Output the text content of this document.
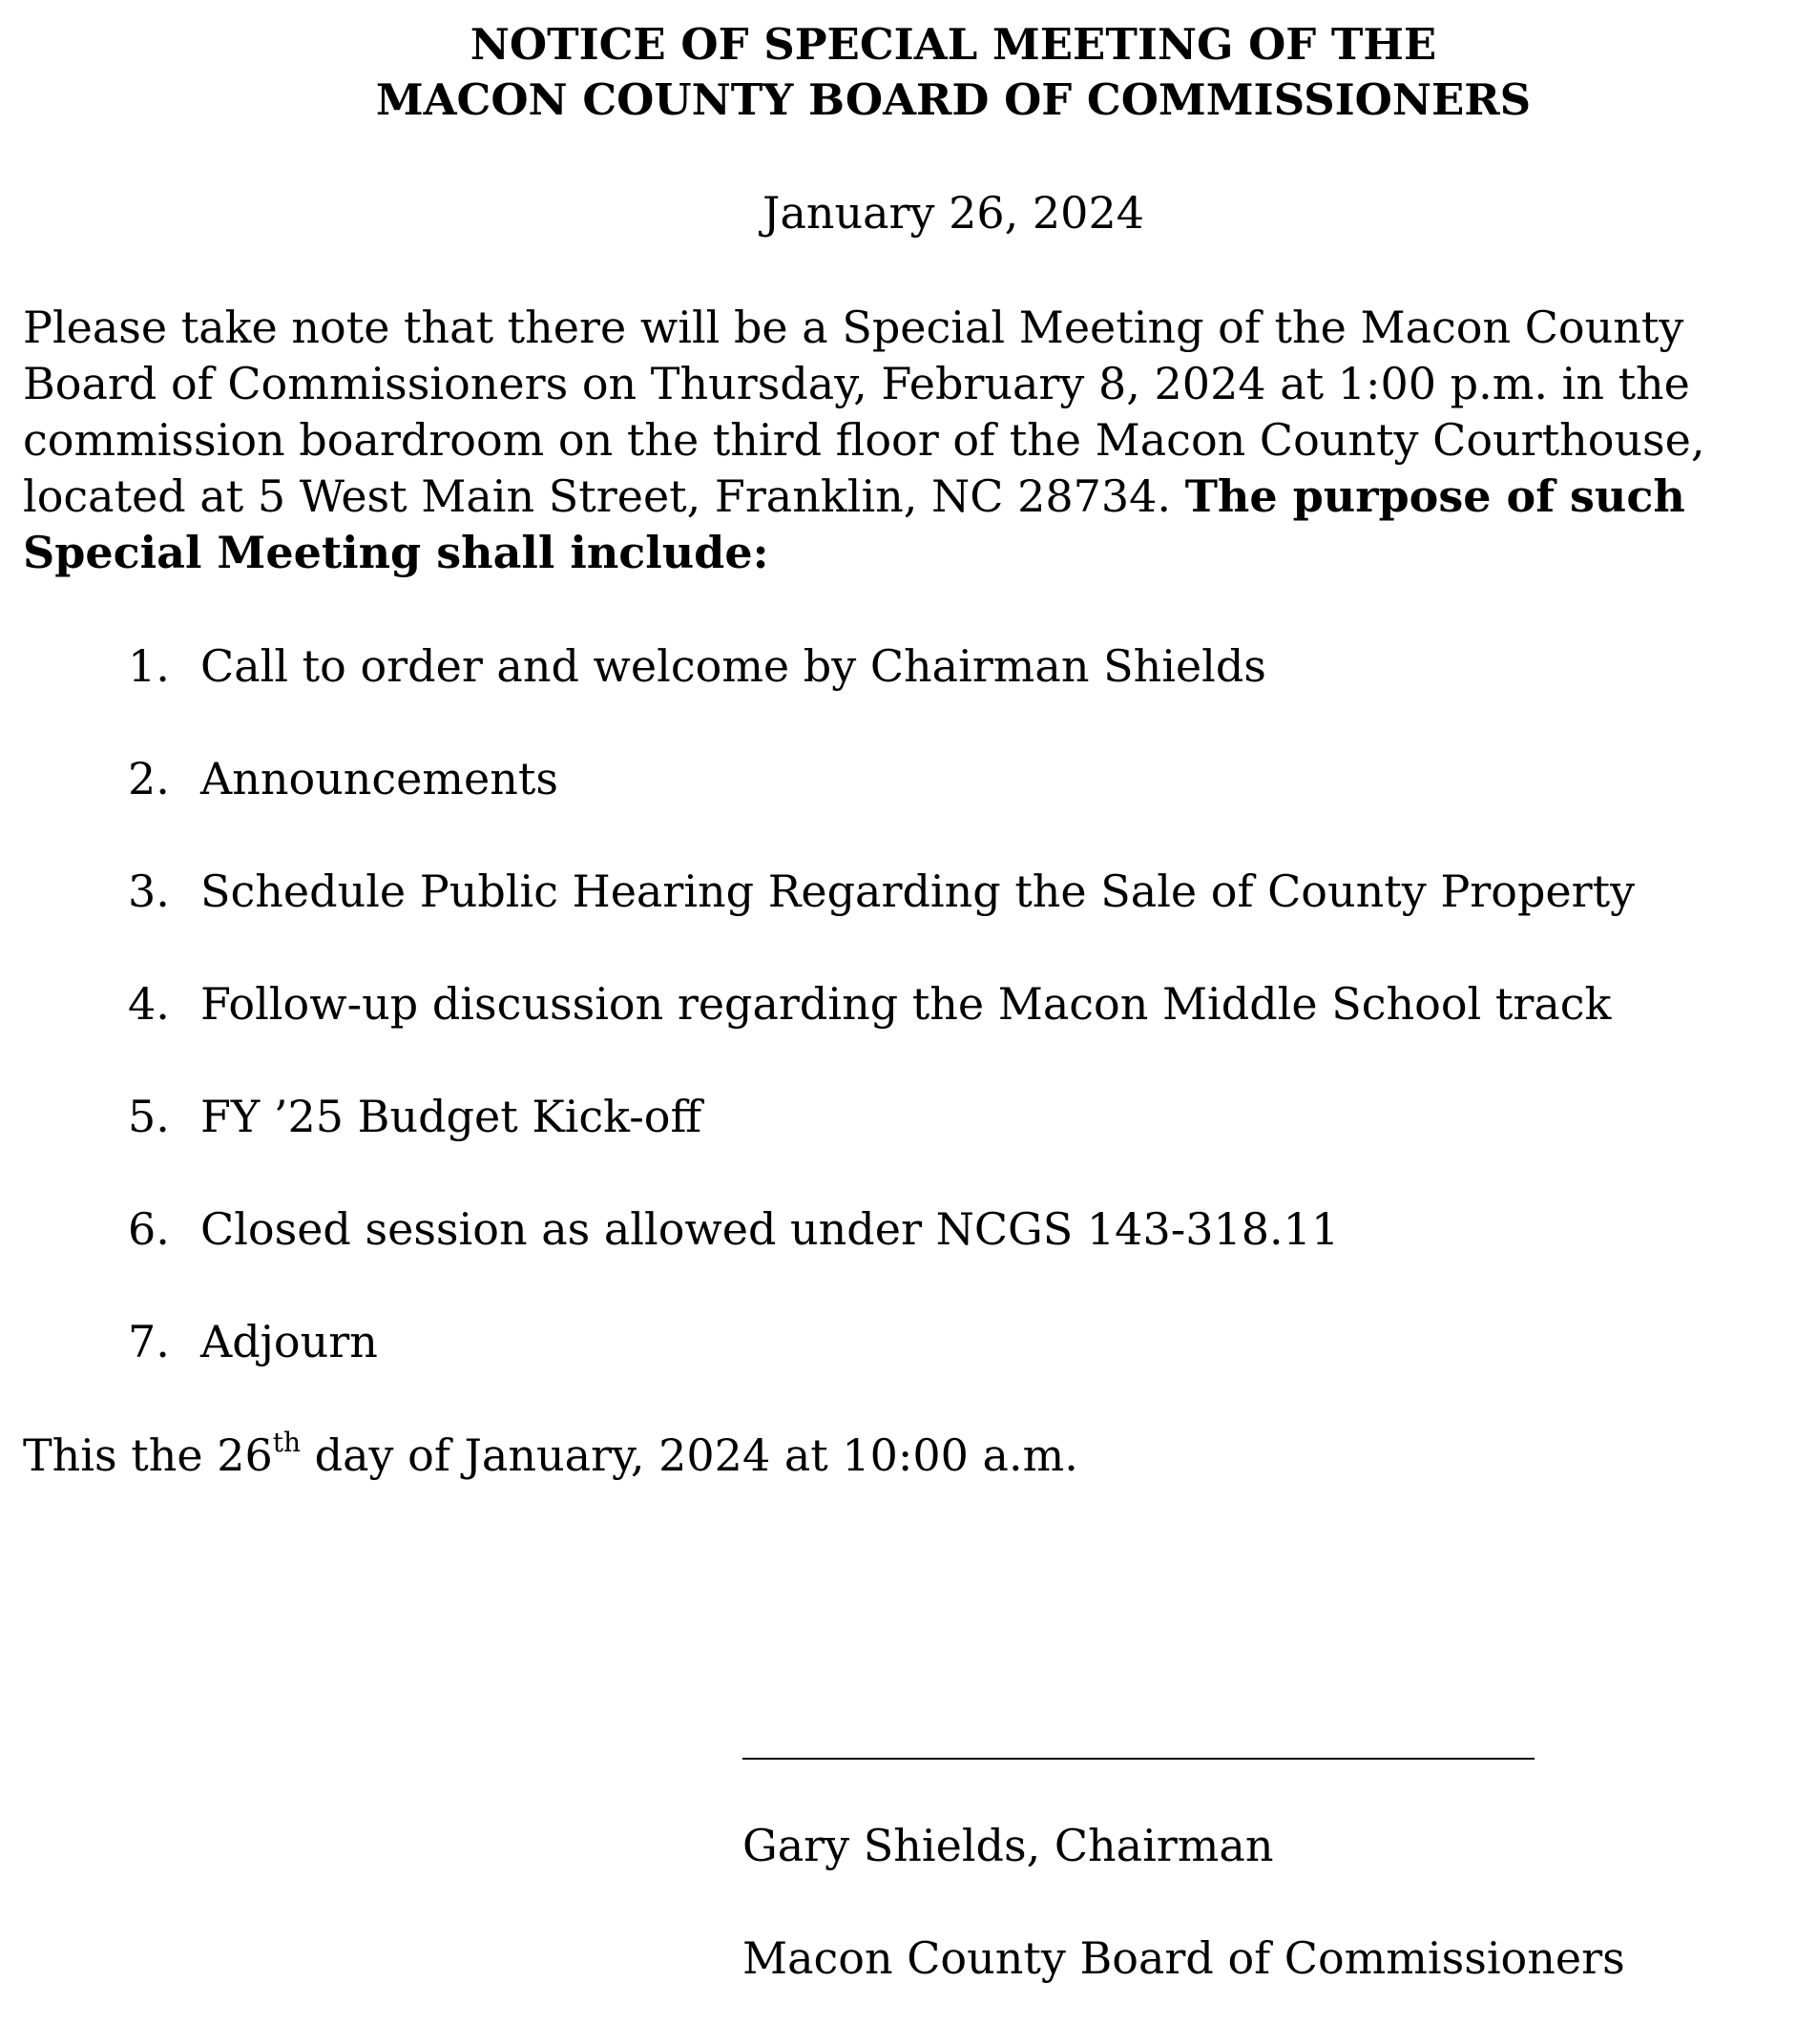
NOTICE OF SPECIAL MEETING OF THE
MACON COUNTY BOARD OF COMMISSIONERS
January 26, 2024
Please take note that there will be a Special Meeting of the Macon County
Board of Commissioners on Thursday, February 8, 2024 at 1:00 p.m. in the
commission boardroom on the third floor of the Macon County Courthouse,
located at 5 West Main Street, Franklin, NC 28734. The purpose of such
Special Meeting shall include:
1. Call to order and welcome by Chairman Shields
2. Announcements
3. Schedule Public Hearing Regarding the Sale of County Property
4. Follow-up discussion regarding the Macon Middle School track
5. FY ’25 Budget Kick-off
6. Closed session as allowed under NCGS 143-318.11
7. Adjourn
This the 26th day of January, 2024 at 10:00 a.m.
Gary Shields, Chairman
Macon County Board of Commissioners
